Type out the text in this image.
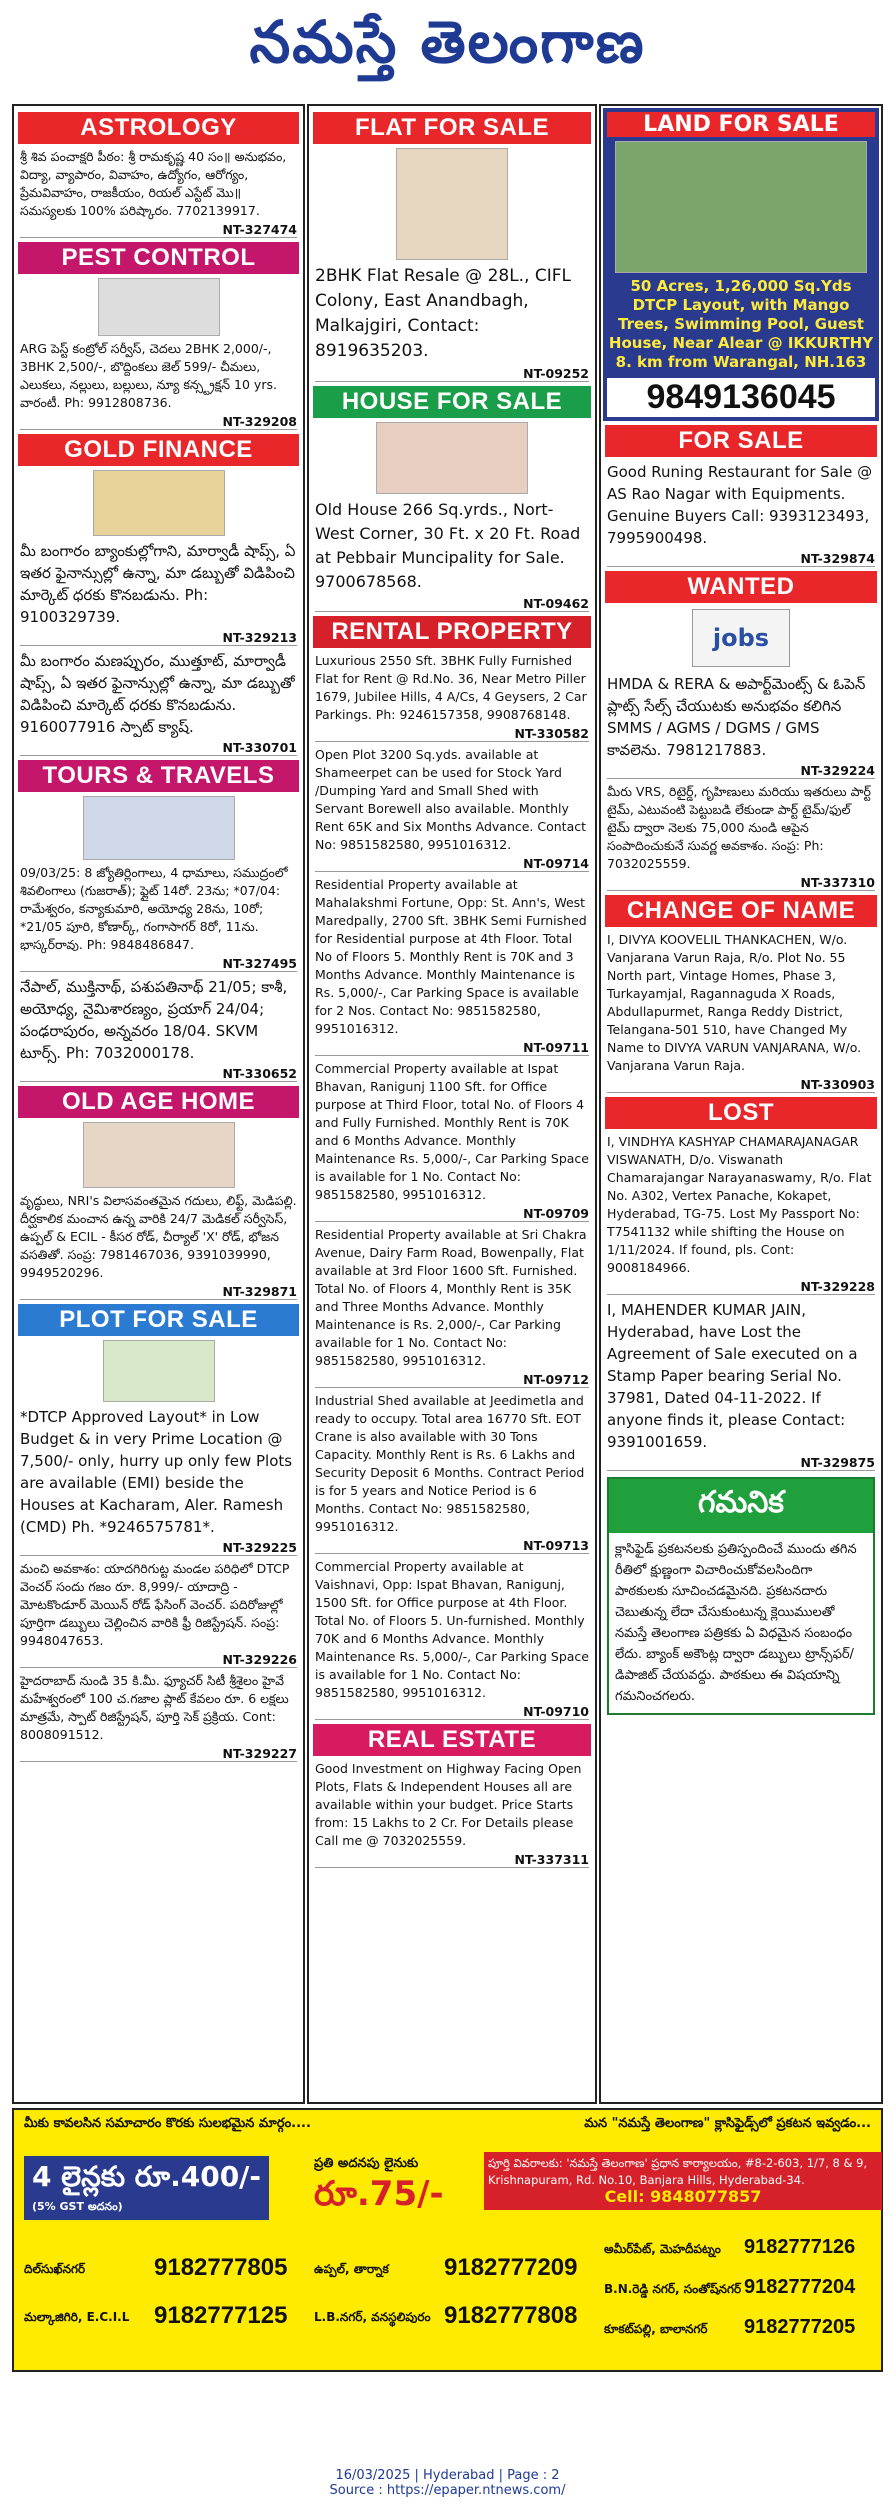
నమస్తే తెలంగాణ
ASTROLOGY
శ్రీ శివ పంచాక్షరి పీఠం: శ్రీ రామకృష్ణ 40 సం॥ అనుభవం, విద్యా, వ్యాపారం, వివాహం, ఉద్యోగం, ఆరోగ్యం, ప్రేమవివాహం, రాజకీయం, రియల్ ఎస్టేట్ మొ॥ సమస్యలకు 100% పరిష్కారం. 7702139917.
NT-327474
PEST CONTROL
ARG పెస్ట్ కంట్రోల్ సర్వీస్, చెదలు 2BHK 2,000/-, 3BHK 2,500/-, బొద్దింకలు జెల్ 599/- చీమలు, ఎలుకలు, నల్లులు, బల్లులు, న్యూ కన్స్ట్రక్షన్ 10 yrs. వారంటీ. Ph: 9912808736.
NT-329208
GOLD FINANCE
మీ బంగారం బ్యాంకుల్లోగాని, మార్వాడీ షాప్స్, ఏ ఇతర ఫైనాన్సుల్లో ఉన్నా, మా డబ్బుతో విడిపించి మార్కెట్ ధరకు కొనబడును. Ph: 9100329739.
NT-329213
మీ బంగారం మణప్పురం, ముత్తూట్, మార్వాడీ షాప్స్, ఏ ఇతర ఫైనాన్సుల్లో ఉన్నా, మా డబ్బుతో విడిపించి మార్కెట్ ధరకు కొనబడును. 9160077916 స్పాట్ క్యాష్.
NT-330701
TOURS & TRAVELS
09/03/25: 8 జ్యోతిర్లింగాలు, 4 ధామాలు, సముద్రంలో శివలింగాలు (గుజరాత్); ఫ్లైట్ 14రో. 23ను; *07/04: రామేశ్వరం, కన్యాకుమారి, అయోధ్య 28ను, 10రో; *21/05 పూరి, కోణార్క్, గంగాసాగర్ 8రో, 11ను. భాస్కర్‌రావు. Ph: 9848486847.
NT-327495
నేపాల్, ముక్తినాథ్, పశుపతినాథ్ 21/05; కాశీ, అయోధ్య, నైమిశారణ్యం, ప్రయాగ్ 24/04; పంఢరాపురం, అన్నవరం 18/04. SKVM టూర్స్. Ph: 7032000178.
NT-330652
OLD AGE HOME
వృద్ధులు, NRI's విలాసవంతమైన గదులు, లిఫ్ట్, మెడిపల్లి. దీర్ఘకాలిక మంచాన ఉన్న వారికి 24/7 మెడికల్ సర్వీసెస్, ఉప్పల్ & ECIL - కీసర రోడ్, చీర్యాల్ 'X' రోడ్, భోజన వసతితో. సంప్ర: 7981467036, 9391039990, 9949520296.
NT-329871
PLOT FOR SALE
*DTCP Approved Layout* in Low Budget & in very Prime Location @ 7,500/- only, hurry up only few Plots are available (EMI) beside the Houses at Kacharam, Aler. Ramesh (CMD) Ph. *9246575781*.
NT-329225
మంచి అవకాశం: యాదగిరిగుట్ట మండల పరిధిలో DTCP వెంచర్ సందు గజం రూ. 8,999/- యాదాద్రి - మోటకొండూర్ మెయిన్ రోడ్ ఫేసింగ్ వెంచర్. పదిరోజుల్లో పూర్తిగా డబ్బులు చెల్లించిన వారికి ఫ్రీ రిజిస్ట్రేషన్. సంప్ర: 9948047653.
NT-329226
హైదరాబాద్ నుండి 35 కి.మీ. ఫ్యూచర్ సిటీ శ్రీశైలం హైవే మహేశ్వరంలో 100 చ.గజాల ప్లాట్ కేవలం రూ. 6 లక్షలు మాత్రమే, స్పాట్ రిజిస్ట్రేషన్, పూర్తి సెక్ ప్రక్రియ. Cont: 8008091512.
NT-329227
FLAT FOR SALE
2BHK Flat Resale @ 28L., CIFL Colony, East Anandbagh, Malkajgiri, Contact: 8919635203.
NT-09252
HOUSE FOR SALE
Old House 266 Sq.yrds., Nort-West Corner, 30 Ft. x 20 Ft. Road at Pebbair Muncipality for Sale. 9700678568.
NT-09462
RENTAL PROPERTY
Luxurious 2550 Sft. 3BHK Fully Furnished Flat for Rent @ Rd.No. 36, Near Metro Piller 1679, Jubilee Hills, 4 A/Cs, 4 Geysers, 2 Car Parkings. Ph: 9246157358, 9908768148.
NT-330582
Open Plot 3200 Sq.yds. available at Shameerpet can be used for Stock Yard /Dumping Yard and Small Shed with Servant Borewell also available. Monthly Rent 65K and Six Months Advance. Contact No: 9851582580, 9951016312.
NT-09714
Residential Property available at Mahalakshmi Fortune, Opp: St. Ann's, West Maredpally, 2700 Sft. 3BHK Semi Furnished for Residential purpose at 4th Floor. Total No of Floors 5. Monthly Rent is 70K and 3 Months Advance. Monthly Maintenance is Rs. 5,000/-, Car Parking Space is available for 2 Nos. Contact No: 9851582580, 9951016312.
NT-09711
Commercial Property available at Ispat Bhavan, Ranigunj 1100 Sft. for Office purpose at Third Floor, total No. of Floors 4 and Fully Furnished. Monthly Rent is 70K and 6 Months Advance. Monthly Maintenance Rs. 5,000/-, Car Parking Space is available for 1 No. Contact No: 9851582580, 9951016312.
NT-09709
Residential Property available at Sri Chakra Avenue, Dairy Farm Road, Bowenpally, Flat available at 3rd Floor 1600 Sft. Furnished. Total No. of Floors 4, Monthly Rent is 35K and Three Months Advance. Monthly Maintenance is Rs. 2,000/-, Car Parking available for 1 No. Contact No: 9851582580, 9951016312.
NT-09712
Industrial Shed available at Jeedimetla and ready to occupy. Total area 16770 Sft. EOT Crane is also available with 30 Tons Capacity. Monthly Rent is Rs. 6 Lakhs and Security Deposit 6 Months. Contract Period is for 5 years and Notice Period is 6 Months. Contact No: 9851582580, 9951016312.
NT-09713
Commercial Property available at Vaishnavi, Opp: Ispat Bhavan, Ranigunj, 1500 Sft. for Office purpose at 4th Floor. Total No. of Floors 5. Un-furnished. Monthly 70K and 6 Months Advance. Monthly Maintenance Rs. 5,000/-, Car Parking Space is available for 1 No. Contact No: 9851582580, 9951016312.
NT-09710
REAL ESTATE
Good Investment on Highway Facing Open Plots, Flats & Independent Houses all are available within your budget. Price Starts from: 15 Lakhs to 2 Cr. For Details please Call me @ 7032025559.
NT-337311
LAND FOR SALE
50 Acres, 1,26,000 Sq.Yds DTCP Layout, with Mango Trees, Swimming Pool, Guest House, Near Alear @ IKKURTHY 8. km from Warangal, NH.163
9849136045
FOR SALE
Good Runing Restaurant for Sale @ AS Rao Nagar with Equipments. Genuine Buyers Call: 9393123493, 7995900498.
NT-329874
WANTED
jobs
HMDA & RERA & అపార్ట్‌మెంట్స్ & ఓపెన్ ప్లాట్స్ సేల్స్ చేయుటకు అనుభవం కలిగిన SMMS / AGMS / DGMS / GMS కావలెను. 7981217883.
NT-329224
మీరు VRS, రిటైర్డ్, గృహిణులు మరియు ఇతరులు పార్ట్ టైమ్, ఎటువంటి పెట్టుబడి లేకుండా పార్ట్ టైమ్/ఫుల్ టైమ్ ద్వారా నెలకు 75,000 నుండి ఆపైన సంపాదించుకునే సువర్ణ అవకాశం. సంప్ర: Ph: 7032025559.
NT-337310
CHANGE OF NAME
I, DIVYA KOOVELIL THANKACHEN, W/o. Vanjarana Varun Raja, R/o. Plot No. 55 North part, Vintage Homes, Phase 3, Turkayamjal, Ragannaguda X Roads, Abdullapurmet, Ranga Reddy District, Telangana-501 510, have Changed My Name to DIVYA VARUN VANJARANA, W/o. Vanjarana Varun Raja.
NT-330903
LOST
I, VINDHYA KASHYAP CHAMARAJANAGAR VISWANATH, D/o. Viswanath Chamarajangar Narayanaswamy, R/o. Flat No. A302, Vertex Panache, Kokapet, Hyderabad, TG-75. Lost My Passport No: T7541132 while shifting the House on 1/11/2024. If found, pls. Cont: 9008184966.
NT-329228
I, MAHENDER KUMAR JAIN, Hyderabad, have Lost the Agreement of Sale executed on a Stamp Paper bearing Serial No. 37981, Dated 04-11-2022. If anyone finds it, please Contact: 9391001659.
NT-329875
గమనిక
క్లాసిఫైడ్ ప్రకటనలకు ప్రతిస్పందించే ముందు తగిన రీతిలో క్షుణ్ణంగా విచారించుకోవలసిందిగా పాఠకులకు సూచించడమైనది. ప్రకటనదారు చెబుతున్న లేదా చేసుకుంటున్న క్లెయిములతో నమస్తే తెలంగాణ పత్రికకు ఏ విధమైన సంబంధం లేదు. బ్యాంక్ అకౌంట్ల ద్వారా డబ్బులు ట్రాన్స్‌ఫర్/డిపాజిట్ చేయవద్దు. పాఠకులు ఈ విషయాన్ని గమనించగలరు.
మీకు కావలసిన సమాచారం కొరకు సులభమైన మార్గం....	మన "నమస్తే తెలంగాణ" క్లాసిఫైడ్స్‌లో ప్రకటన ఇవ్వడం...
4 లైన్లకు రూ.400/-
(5% GST అదనం)
ప్రతి అదనపు లైనుకు
రూ.75/-
పూర్తి వివరాలకు: 'నమస్తే తెలంగాణ' ప్రధాన కార్యాలయం, #8-2-603, 1/7, 8 & 9, Krishnapuram, Rd. No.10, Banjara Hills, Hyderabad-34.
Cell: 9848077857
దిల్‌సుఖ్‌నగర్	9182777805
మల్కాజిగిరి, E.C.I.L 9182777125
ఉప్పల్, తార్నాక 9182777209
L.B.నగర్, వనస్థలిపురం 9182777808
అమీర్‌పేట్, మెహదీపట్నం 9182777126
B.N.రెడ్డి నగర్, సంతోష్‌నగర్ 9182777204
కూకట్‌పల్లి, బాలానగర్ 9182777205
16/03/2025 | Hyderabad | Page : 2
Source : https://epaper.ntnews.com/
